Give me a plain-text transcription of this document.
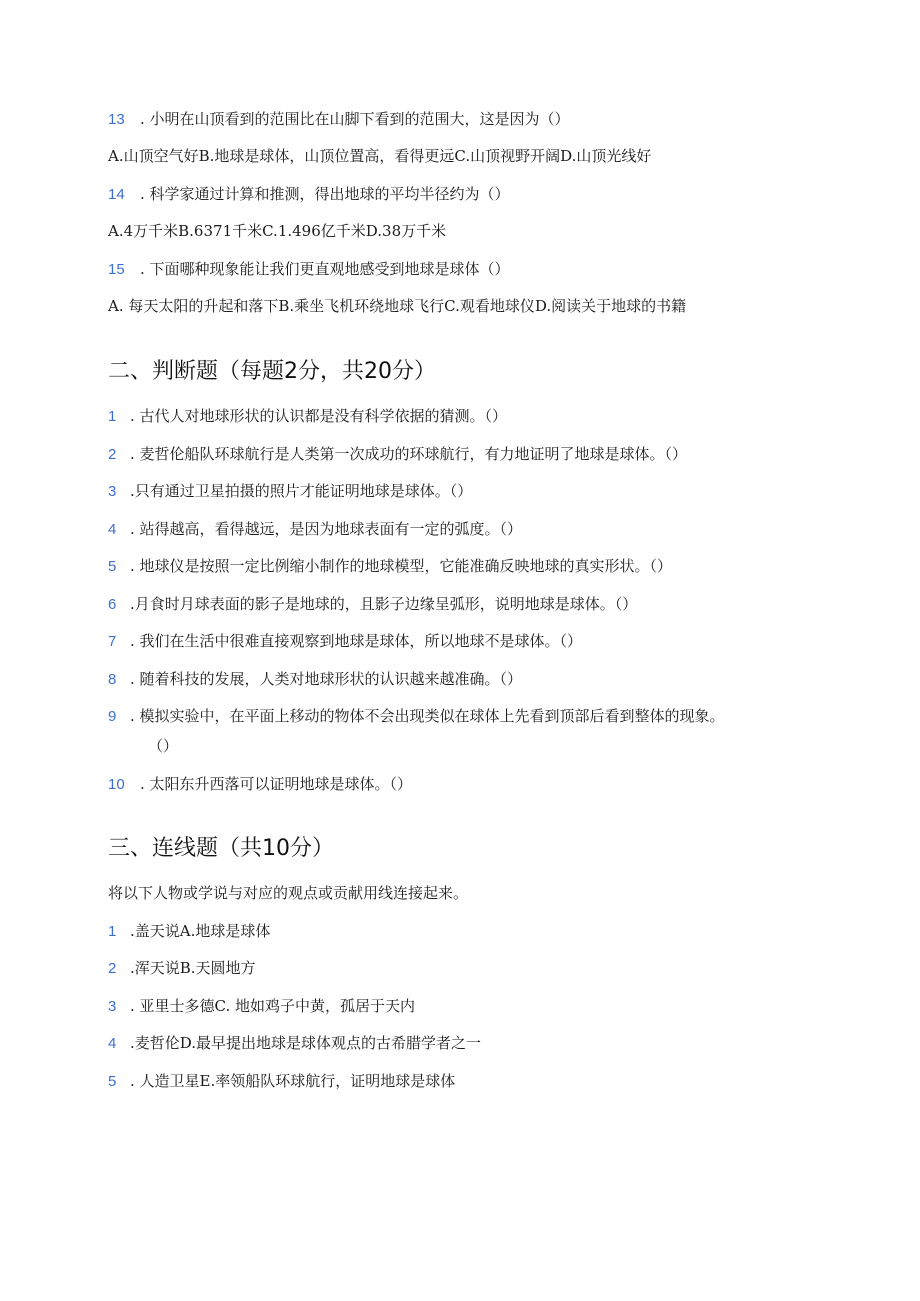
13 . 小明在山顶看到的范围比在山脚下看到的范围大，这是因为（）
A.山顶空气好B.地球是球体，山顶位置高，看得更远C.山顶视野开阔D.山顶光线好
14 . 科学家通过计算和推测，得出地球的平均半径约为（）
A.4万千米B.6371千米C.1.496亿千米D.38万千米
15 . 下面哪种现象能让我们更直观地感受到地球是球体（）
A. 每天太阳的升起和落下B.乘坐飞机环绕地球飞行C.观看地球仪D.阅读关于地球的书籍
二、判断题（每题2分，共20分）
1 . 古代人对地球形状的认识都是没有科学依据的猜测。（）
2 . 麦哲伦船队环球航行是人类第一次成功的环球航行，有力地证明了地球是球体。（）
3 .只有通过卫星拍摄的照片才能证明地球是球体。（）
4 . 站得越高，看得越远，是因为地球表面有一定的弧度。（）
5 . 地球仪是按照一定比例缩小制作的地球模型，它能准确反映地球的真实形状。（）
6 .月食时月球表面的影子是地球的，且影子边缘呈弧形，说明地球是球体。（）
7 . 我们在生活中很难直接观察到地球是球体，所以地球不是球体。（）
8 . 随着科技的发展，人类对地球形状的认识越来越准确。（）
9 . 模拟实验中，在平面上移动的物体不会出现类似在球体上先看到顶部后看到整体的现象。
（）
10 . 太阳东升西落可以证明地球是球体。（）
三、连线题（共10分）
将以下人物或学说与对应的观点或贡献用线连接起来。
1 .盖天说A.地球是球体
2 .浑天说B.天圆地方
3 . 亚里士多德C. 地如鸡子中黄，孤居于天内
4 .麦哲伦D.最早提出地球是球体观点的古希腊学者之一
5 . 人造卫星E.率领船队环球航行，证明地球是球体
